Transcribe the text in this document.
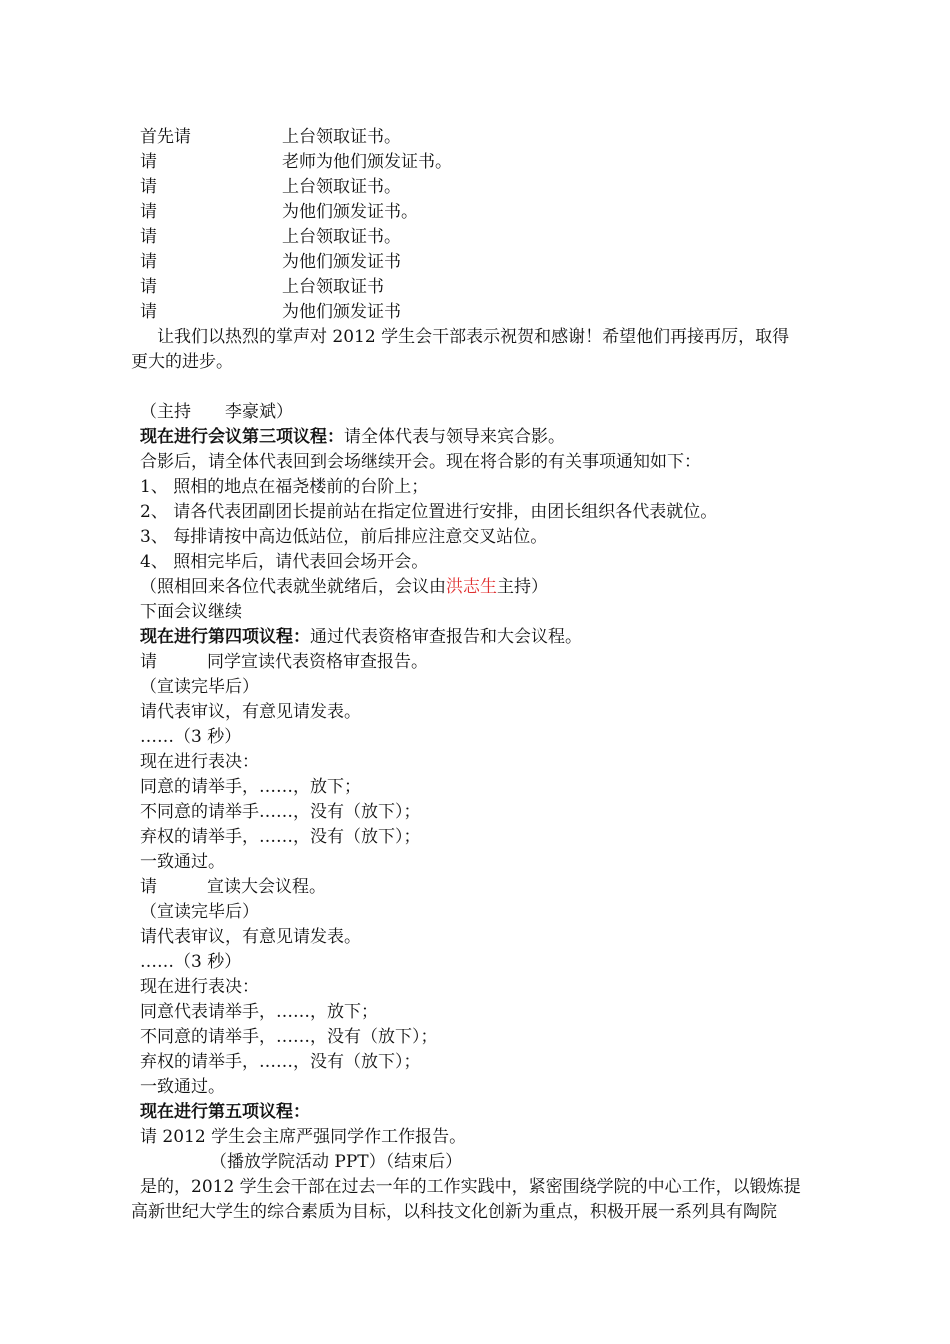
首先请	上台领取证书。
请	老师为他们颁发证书。
请	上台领取证书。
请	为他们颁发证书。
请	上台领取证书。
请	为他们颁发证书
请	上台领取证书
请	为他们颁发证书
让我们以热烈的掌声对 2012 学生会干部表示祝贺和感谢！希望他们再接再厉，取得
更大的进步。
（主持 李豪斌）
现在进行会议第三项议程：请全体代表与领导来宾合影。
合影后，请全体代表回到会场继续开会。现在将合影的有关事项通知如下：
1、 照相的地点在福尧楼前的台阶上；
2、 请各代表团副团长提前站在指定位置进行安排，由团长组织各代表就位。
3、 每排请按中高边低站位，前后排应注意交叉站位。
4、 照相完毕后，请代表回会场开会。
（照相回来各位代表就坐就绪后，会议由洪志生主持）
下面会议继续
现在进行第四项议程：通过代表资格审查报告和大会议程。
请	同学宣读代表资格审查报告。
（宣读完毕后）
请代表审议，有意见请发表。
……（3 秒）
现在进行表决：
同意的请举手，……，放下；
不同意的请举手……，没有（放下）；
弃权的请举手，……，没有（放下）；
一致通过。
请	宣读大会议程。
（宣读完毕后）
请代表审议，有意见请发表。
……（3 秒）
现在进行表决：
同意代表请举手，……，放下；
不同意的请举手，……，没有（放下）；
弃权的请举手，……，没有（放下）；
一致通过。
现在进行第五项议程：
请 2012 学生会主席严强同学作工作报告。
（播放学院活动 PPT）（结束后）
是的，2012 学生会干部在过去一年的工作实践中，紧密围绕学院的中心工作，以锻炼提
高新世纪大学生的综合素质为目标，以科技文化创新为重点，积极开展一系列具有陶院
